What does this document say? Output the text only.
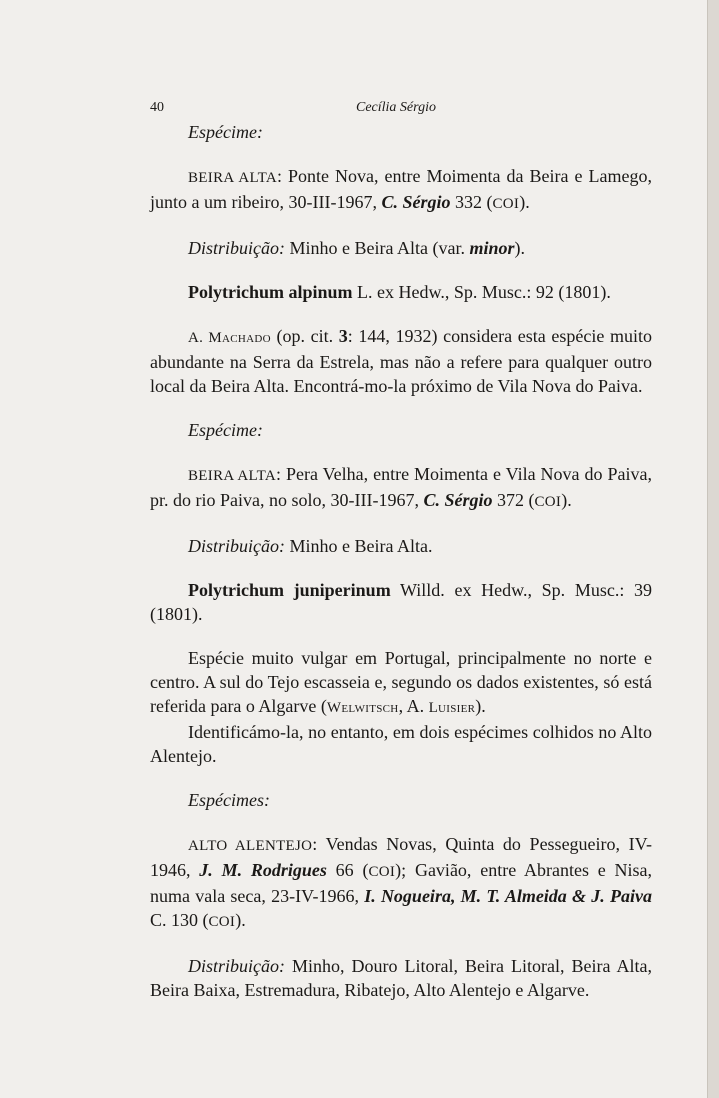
40	Cecília Sérgio

Espécime:

BEIRA ALTA: Ponte Nova, entre Moimenta da Beira e Lamego, junto a um ribeiro, 30-III-1967, C. Sérgio 332 (COI).

Distribuição: Minho e Beira Alta (var. minor).

Polytrichum alpinum L. ex Hedw., Sp. Musc.: 92 (1801).

A. Machado (op. cit. 3: 144, 1932) considera esta espécie muito abundante na Serra da Estrela, mas não a refere para qualquer outro local da Beira Alta. Encontrá-mo-la próximo de Vila Nova do Paiva.

Espécime:

BEIRA ALTA: Pera Velha, entre Moimenta e Vila Nova do Paiva, pr. do rio Paiva, no solo, 30-III-1967, C. Sérgio 372 (COI).

Distribuição: Minho e Beira Alta.

Polytrichum juniperinum Willd. ex Hedw., Sp. Musc.: 39 (1801).

Espécie muito vulgar em Portugal, principalmente no norte e centro. A sul do Tejo escasseia e, segundo os dados existentes, só está referida para o Algarve (Welwitsch, A. Luisier).

Identificámo-la, no entanto, em dois espécimes colhidos no Alto Alentejo.

Espécimes:

ALTO ALENTEJO: Vendas Novas, Quinta do Pessegueiro, IV-1946, J. M. Rodrigues 66 (COI); Gavião, entre Abrantes e Nisa, numa vala seca, 23-IV-1966, I. Nogueira, M. T. Almeida & J. Paiva C. 130 (COI).

Distribuição: Minho, Douro Litoral, Beira Litoral, Beira Alta, Beira Baixa, Estremadura, Ribatejo, Alto Alentejo e Algarve.
